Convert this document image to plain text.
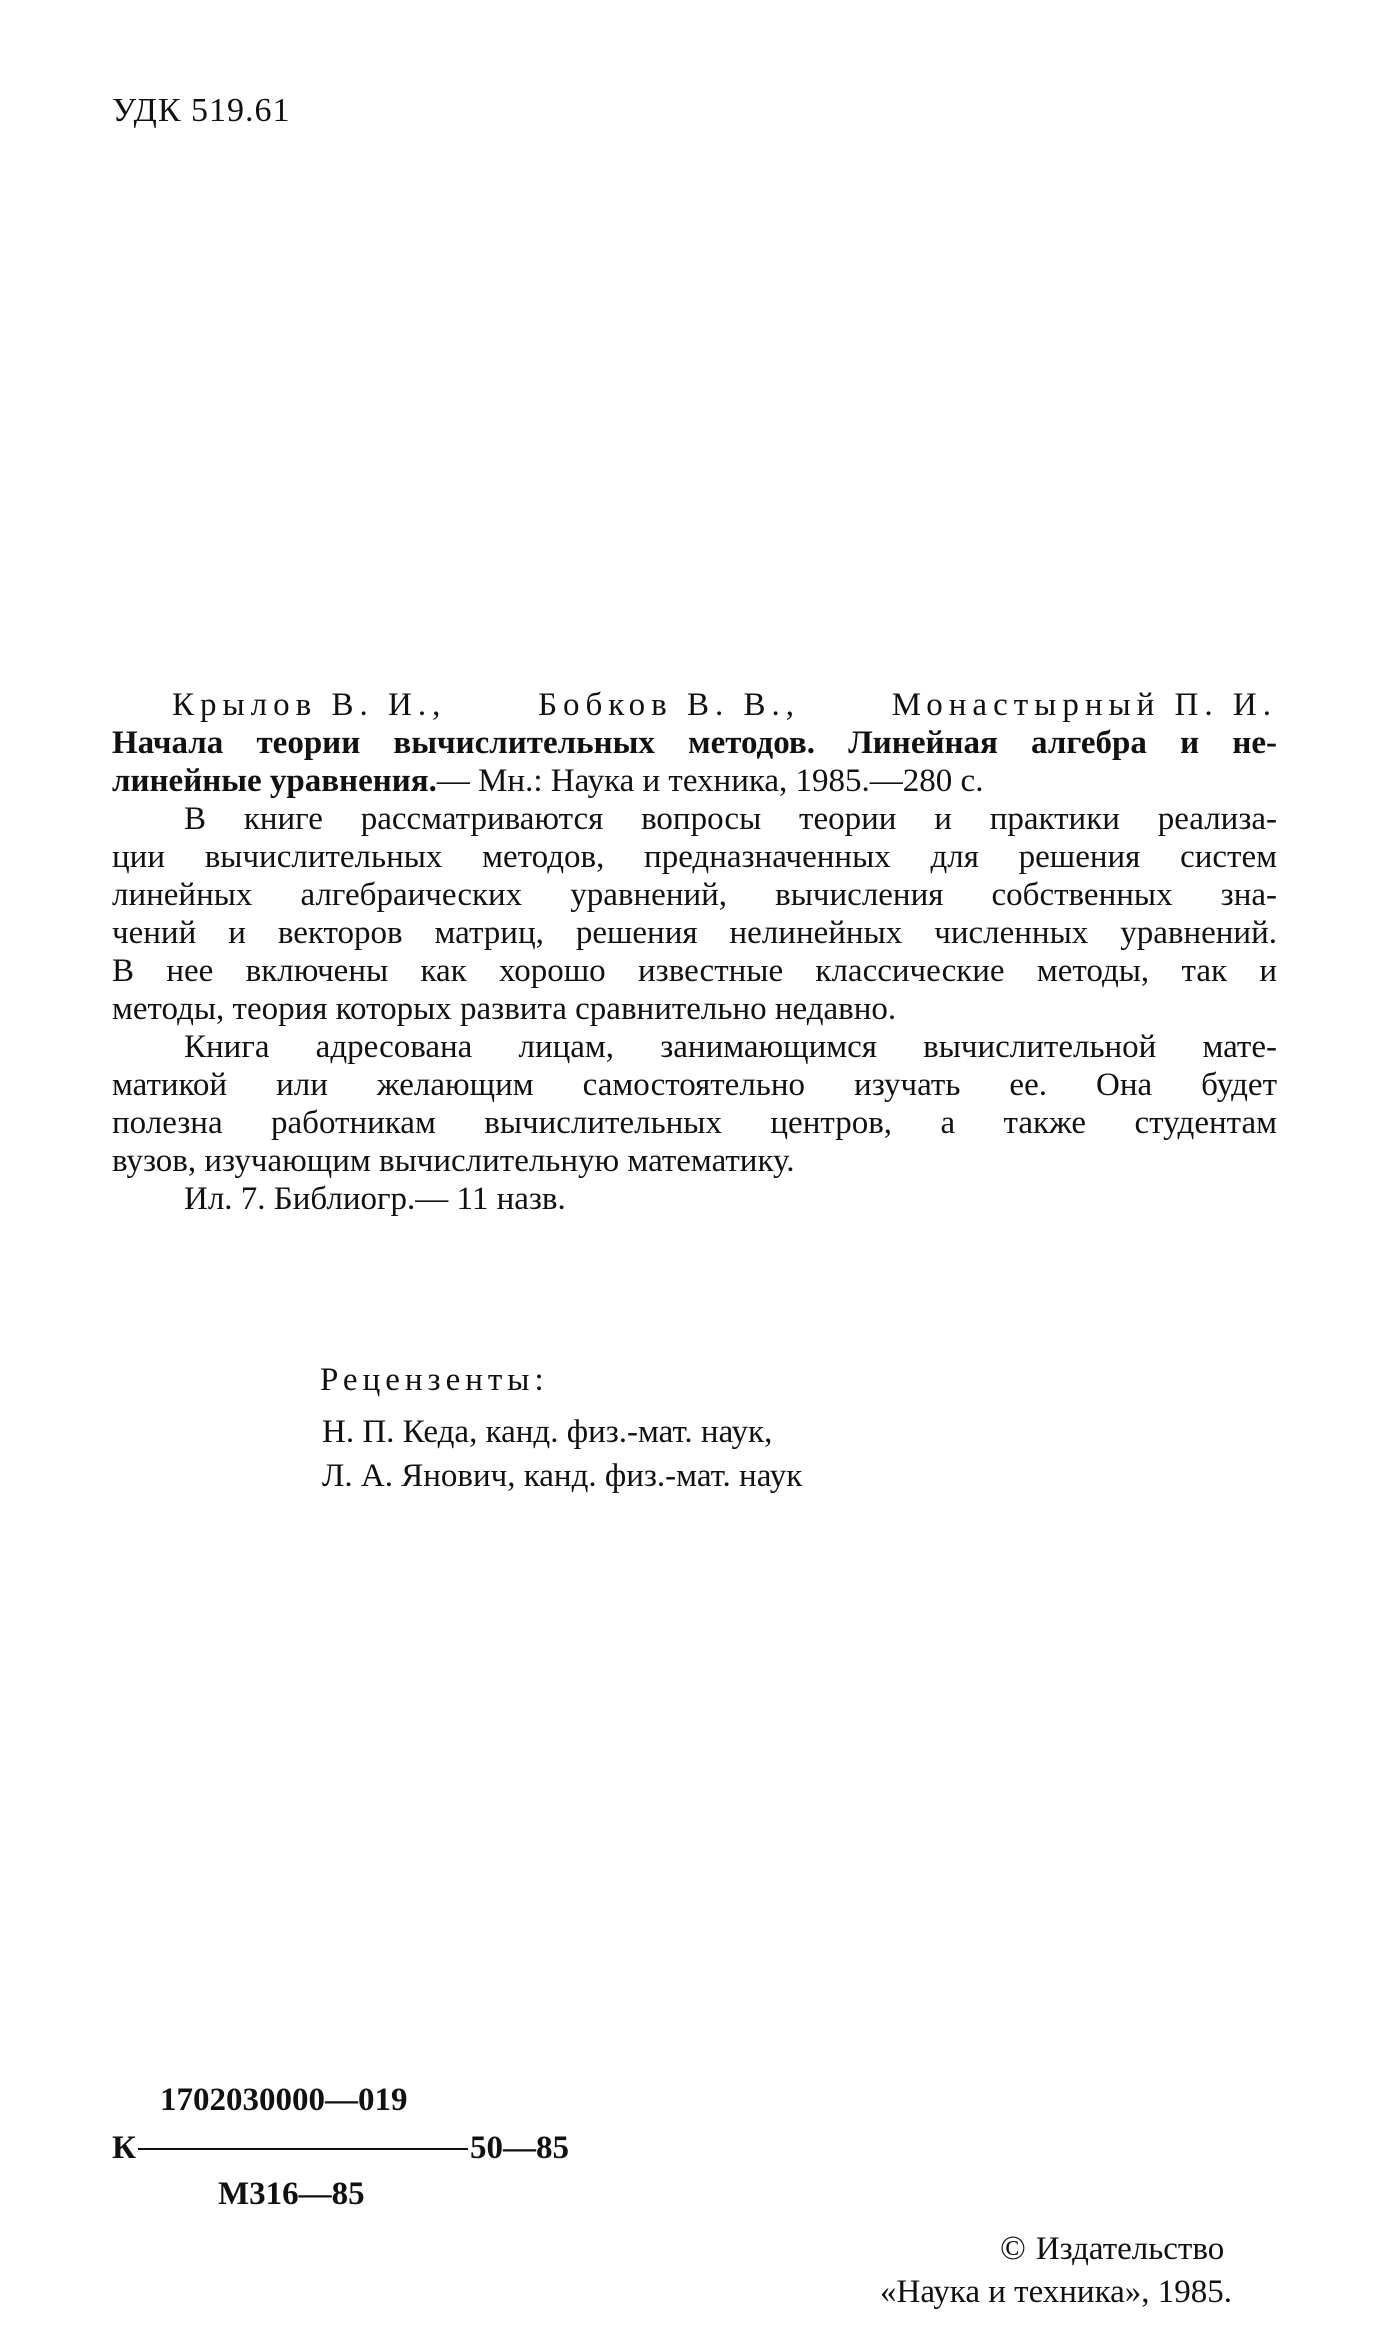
УДК 519.61
Крылов В. И.,	Бобков В. В.,	Монастырный П. И.
Начала теории вычислительных методов. Линейная алгебра и не-
линейные уравнения.— Мн.: Наука и техника, 1985.—280 с.
В книге рассматриваются вопросы теории и практики реализа-
ции вычислительных методов, предназначенных для решения систем
линейных алгебраических уравнений, вычисления собственных зна-
чений и векторов матриц, решения нелинейных численных уравнений.
В нее включены как хорошо известные классические методы, так и
методы, теория которых развита сравнительно недавно.
Книга адресована лицам, занимающимся вычислительной мате-
матикой или желающим самостоятельно изучать ее. Она будет
полезна работникам вычислительных центров, а также студентам
вузов, изучающим вычислительную математику.
Ил. 7. Библиогр.— 11 назв.
Рецензенты:
Н. П. Кеда, канд. физ.-мат. наук,
Л. А. Янович, канд. физ.-мат. наук
1702030000—019
К	50—85
М316—85
© Издательство
«Наука и техника», 1985.
